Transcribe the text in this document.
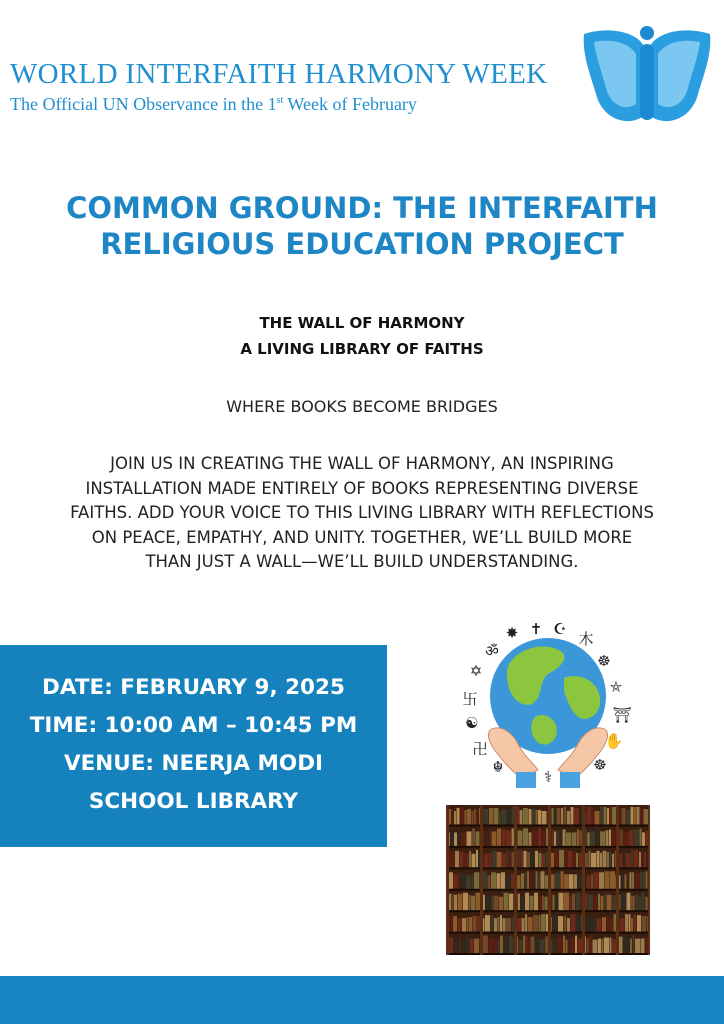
WORLD INTERFAITH HARMONY WEEK
The Official UN Observance in the 1st Week of February
COMMON GROUND: THE INTERFAITH
RELIGIOUS EDUCATION PROJECT
THE WALL OF HARMONY
A LIVING LIBRARY OF FAITHS
WHERE BOOKS BECOME BRIDGES
JOIN US IN CREATING THE WALL OF HARMONY, AN INSPIRING
INSTALLATION MADE ENTIRELY OF BOOKS REPRESENTING DIVERSE
FAITHS. ADD YOUR VOICE TO THIS LIVING LIBRARY WITH REFLECTIONS
ON PEACE, EMPATHY, AND UNITY. TOGETHER, WE’LL BUILD MORE
THAN JUST A WALL—WE’LL BUILD UNDERSTANDING.
DATE: FEBRUARY 9, 2025
TIME: 10:00 AM – 10:45 PM
VENUE: NEERJA MODI
SCHOOL LIBRARY
ॐ
✸ ✝ ☪
木
✡
☸
卐
⛤
☯	⛩
卍	✋
☬
⚕
☸
